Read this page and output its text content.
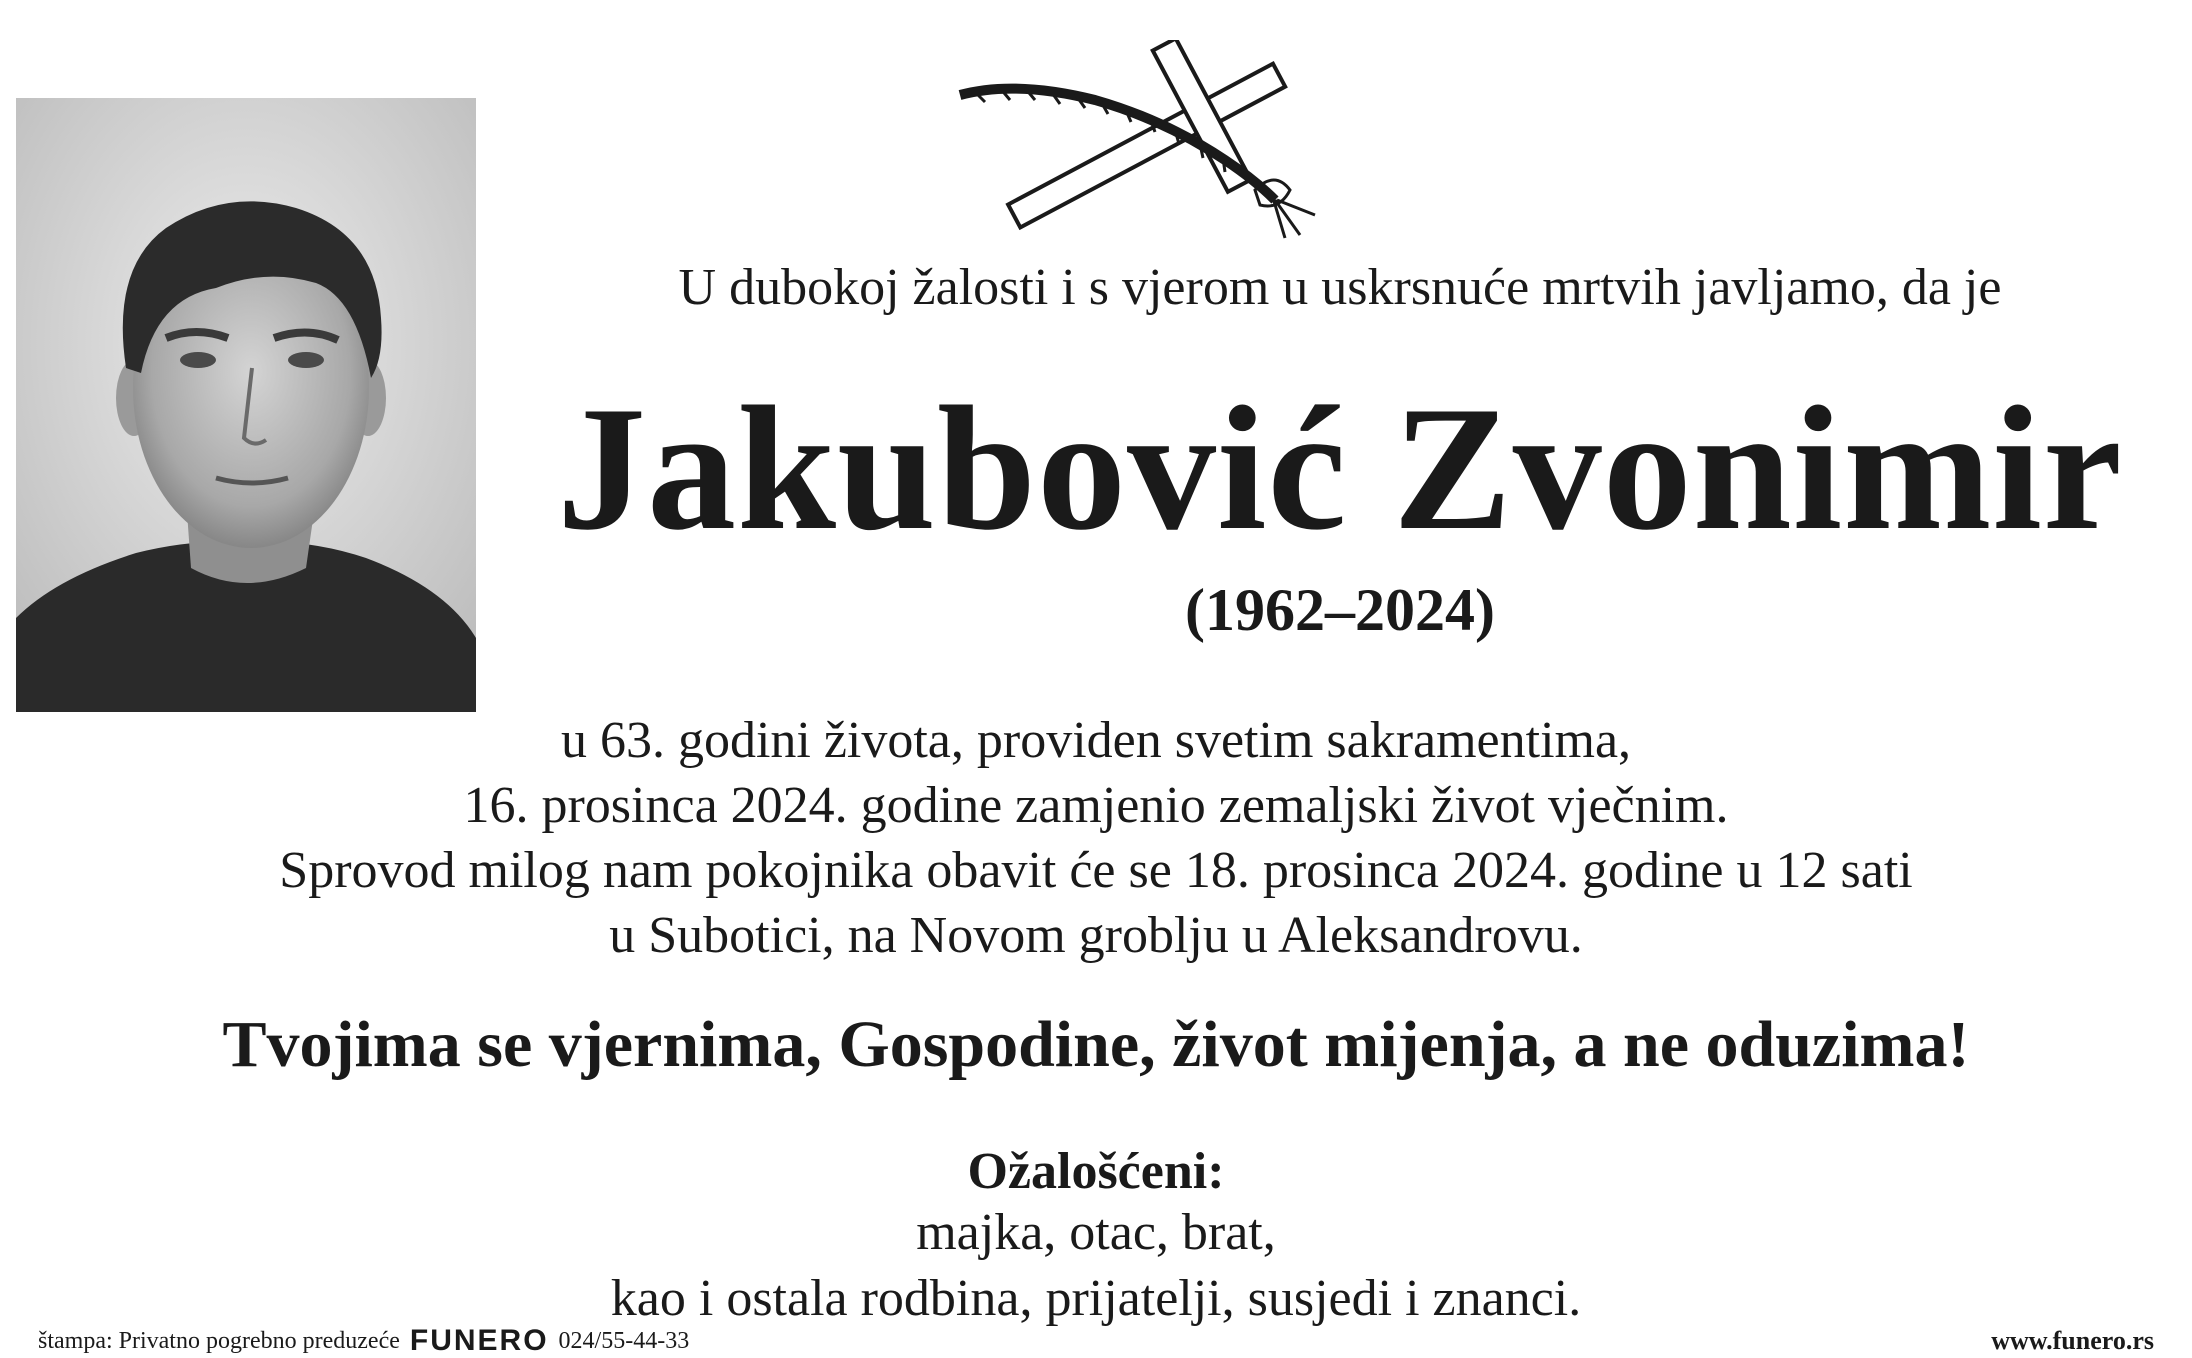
U dubokoj žalosti i s vjerom u uskrsnuće mrtvih javljamo, da je
Jakubović Zvonimir
(1962–2024)
u 63. godini života, providen svetim sakramentima,
16. prosinca 2024. godine zamjenio zemaljski život vječnim.
Sprovod milog nam pokojnika obavit će se 18. prosinca 2024. godine u 12 sati
u Subotici, na Novom groblju u Aleksandrovu.
Tvojima se vjernima, Gospodine, život mijenja, a ne oduzima!
Ožalošćeni:
majka, otac, brat,
kao i ostala rodbina, prijatelji, susjedi i znanci.
štampa: Privatno pogrebno preduzeće FUNERO 024/55-44-33	www.funero.rs
